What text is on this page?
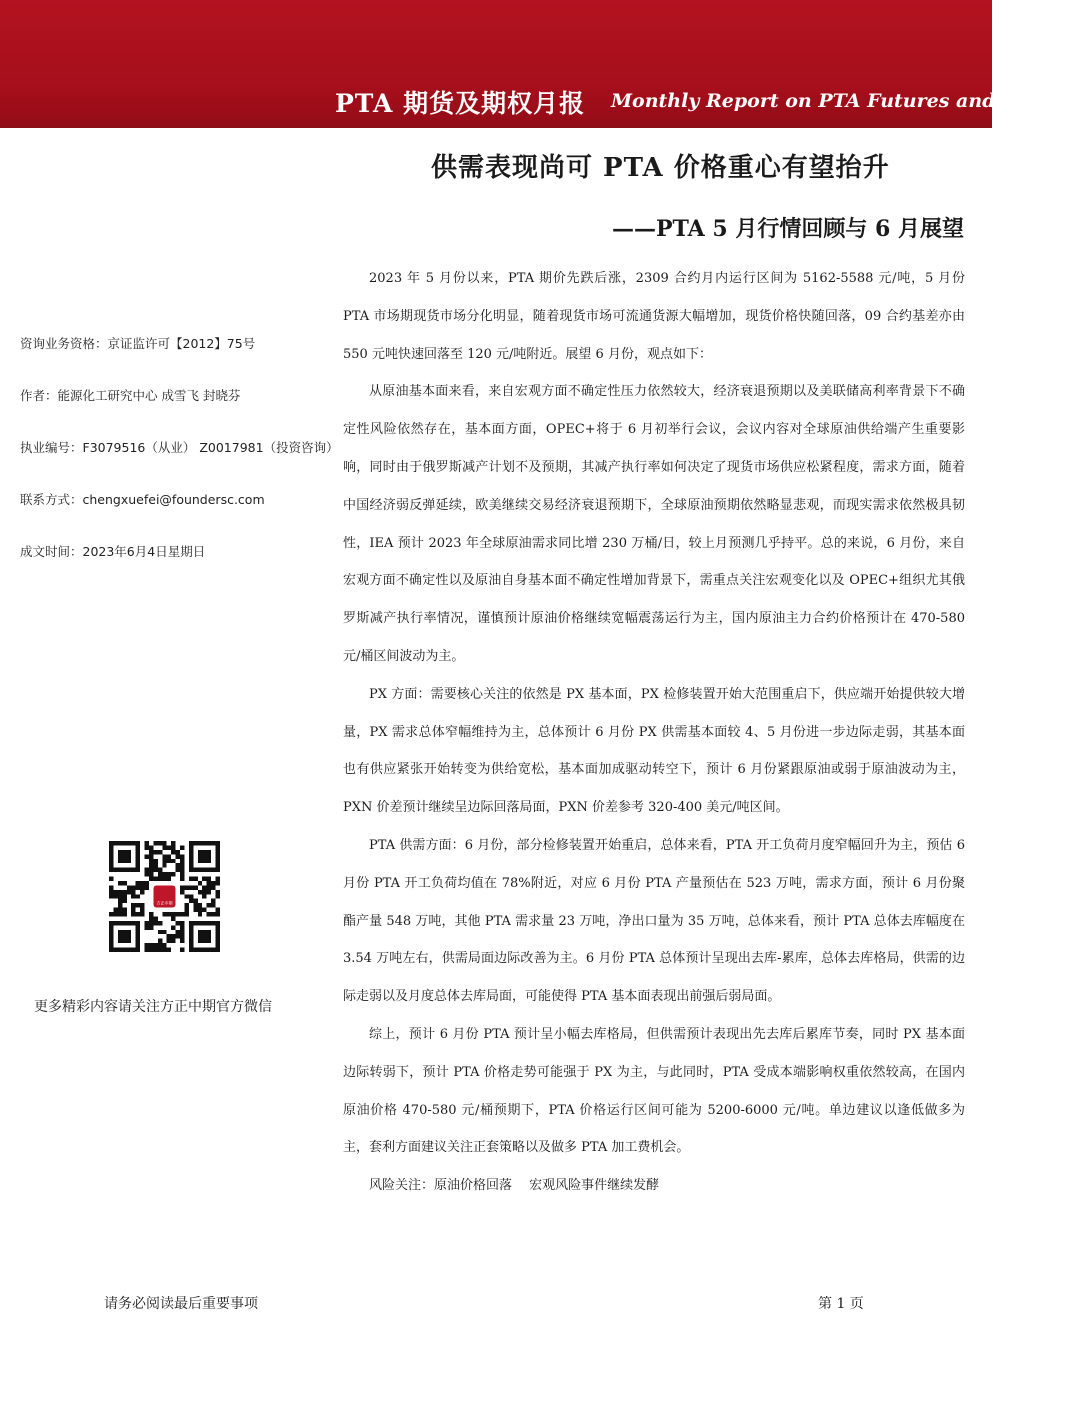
PTA 期货及期权月报 Monthly Report on PTA Futures and Option
供需表现尚可 PTA 价格重心有望抬升
——PTA 5 月行情回顾与 6 月展望
资询业务资格：京证监许可【2012】75号
作者：能源化工研究中心 成雪飞 封晓芬
执业编号：F3079516（从业） Z0017981（投资咨询）
联系方式：chengxuefei@foundersc.com
成文时间：2023年6月4日星期日

2023 年 5 月份以来，PTA 期价先跌后涨，2309 合约月内运行区间为 5162-5588 元/吨，5 月份 PTA 市场期现货市场分化明显，随着现货市场可流通货源大幅增加，现货价格快随回落，09 合约基差亦由 550 元吨快速回落至 120 元/吨附近。展望 6 月份，观点如下：

从原油基本面来看，来自宏观方面不确定性压力依然较大，经济衰退预期以及美联储高利率背景下不确定性风险依然存在，基本面方面，OPEC+将于 6 月初举行会议，会议内容对全球原油供给端产生重要影响，同时由于俄罗斯减产计划不及预期，其减产执行率如何决定了现货市场供应松紧程度，需求方面，随着中国经济弱反弹延续，欧美继续交易经济衰退预期下，全球原油预期依然略显悲观，而现实需求依然极具韧性，IEA 预计 2023 年全球原油需求同比增 230 万桶/日，较上月预测几乎持平。总的来说，6 月份，来自宏观方面不确定性以及原油自身基本面不确定性增加背景下，需重点关注宏观变化以及 OPEC+组织尤其俄罗斯减产执行率情况，谨慎预计原油价格继续宽幅震荡运行为主，国内原油主力合约价格预计在 470-580 元/桶区间波动为主。

PX 方面：需要核心关注的依然是 PX 基本面，PX 检修装置开始大范围重启下，供应端开始提供较大增量，PX 需求总体窄幅维持为主，总体预计 6 月份 PX 供需基本面较 4、5 月份进一步边际走弱，其基本面也有供应紧张开始转变为供给宽松，基本面加成驱动转空下，预计 6 月份紧跟原油或弱于原油波动为主，PXN 价差预计继续呈边际回落局面，PXN 价差参考 320-400 美元/吨区间。

PTA 供需方面：6 月份，部分检修装置开始重启，总体来看，PTA 开工负荷月度窄幅回升为主，预估 6 月份 PTA 开工负荷均值在 78%附近，对应 6 月份 PTA 产量预估在 523 万吨，需求方面，预计 6 月份聚酯产量 548 万吨，其他 PTA 需求量 23 万吨，净出口量为 35 万吨，总体来看，预计 PTA 总体去库幅度在 3.54 万吨左右，供需局面边际改善为主。6 月份 PTA 总体预计呈现出去库-累库，总体去库格局，供需的边际走弱以及月度总体去库局面，可能使得 PTA 基本面表现出前强后弱局面。

综上，预计 6 月份 PTA 预计呈小幅去库格局，但供需预计表现出先去库后累库节奏，同时 PX 基本面边际转弱下，预计 PTA 价格走势可能强于 PX 为主，与此同时，PTA 受成本端影响权重依然较高，在国内原油价格 470-580 元/桶预期下，PTA 价格运行区间可能为 5200-6000 元/吨。单边建议以逢低做多为主，套利方面建议关注正套策略以及做多 PTA 加工费机会。

风险关注：原油价格回落　 宏观风险事件继续发酵

更多精彩内容请关注方正中期官方微信
请务必阅读最后重要事项	第 1 页
